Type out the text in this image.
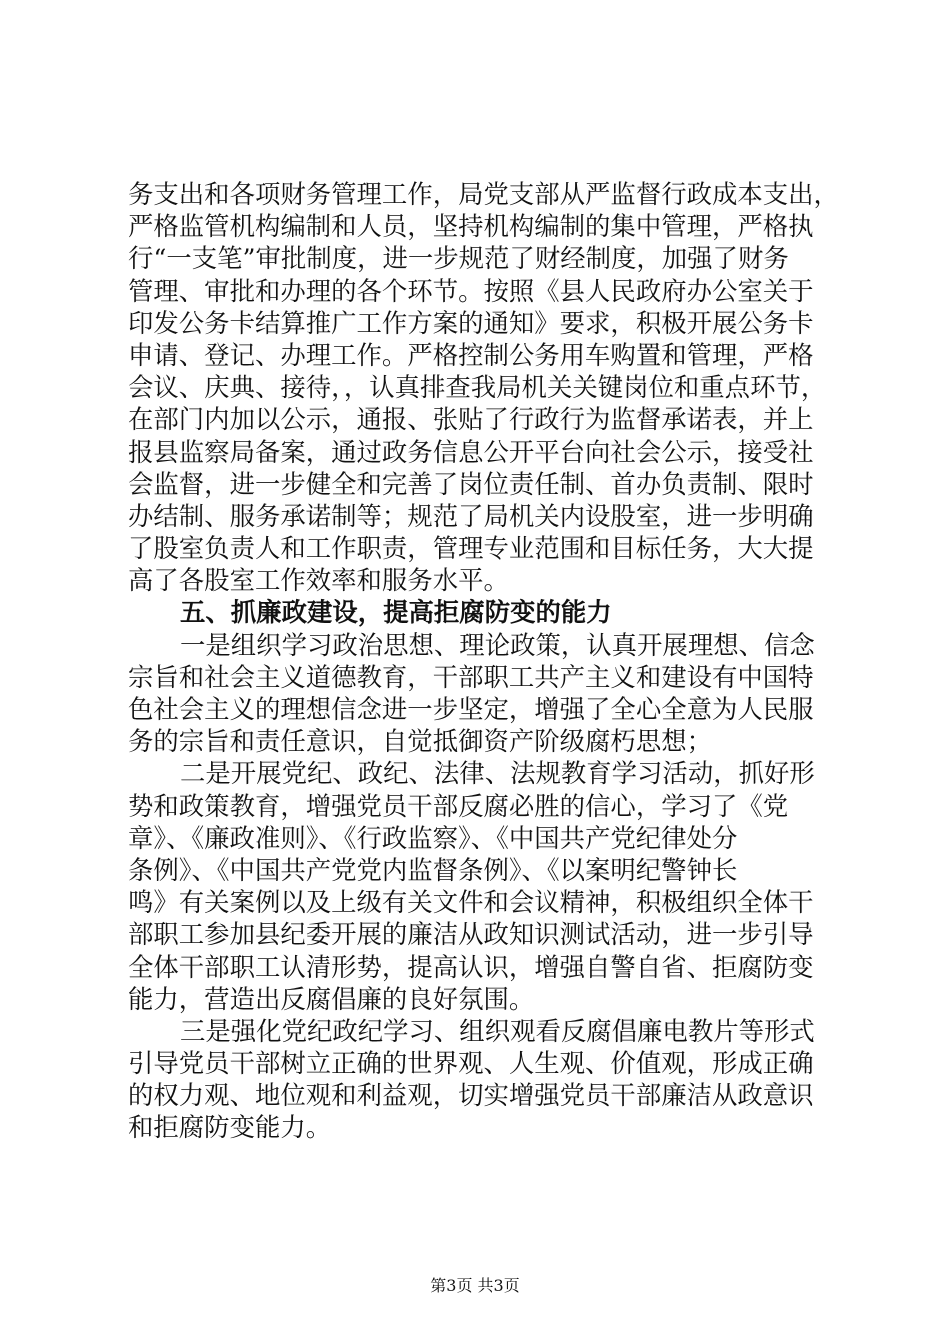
务支出和各项财务管理工作，局党支部从严监督行政成本支出，
严格监管机构编制和人员，坚持机构编制的集中管理，严格执
行“一支笔”审批制度，进一步规范了财经制度，加强了财务
管理、审批和办理的各个环节。按照《县人民政府办公室关于
印发公务卡结算推广工作方案的通知》要求，积极开展公务卡
申请、登记、办理工作。严格控制公务用车购置和管理，严格
会议、庆典、接待，，认真排查我局机关关键岗位和重点环节，
在部门内加以公示，通报、张贴了行政行为监督承诺表，并上
报县监察局备案，通过政务信息公开平台向社会公示，接受社
会监督，进一步健全和完善了岗位责任制、首办负责制、限时
办结制、服务承诺制等；规范了局机关内设股室，进一步明确
了股室负责人和工作职责，管理专业范围和目标任务，大大提
高了各股室工作效率和服务水平。
五、抓廉政建设，提高拒腐防变的能力
一是组织学习政治思想、理论政策，认真开展理想、信念
宗旨和社会主义道德教育，干部职工共产主义和建设有中国特
色社会主义的理想信念进一步坚定，增强了全心全意为人民服
务的宗旨和责任意识，自觉抵御资产阶级腐朽思想；
二是开展党纪、政纪、法律、法规教育学习活动，抓好形
势和政策教育，增强党员干部反腐必胜的信心，学习了《党
章》、《廉政准则》、《行政监察》、《中国共产党纪律处分
条例》、《中国共产党党内监督条例》、《以案明纪警钟长
鸣》有关案例以及上级有关文件和会议精神，积极组织全体干
部职工参加县纪委开展的廉洁从政知识测试活动，进一步引导
全体干部职工认清形势，提高认识，增强自警自省、拒腐防变
能力，营造出反腐倡廉的良好氛围。
三是强化党纪政纪学习、组织观看反腐倡廉电教片等形式
引导党员干部树立正确的世界观、人生观、价值观，形成正确
的权力观、地位观和利益观，切实增强党员干部廉洁从政意识
和拒腐防变能力。
第3页 共3页
